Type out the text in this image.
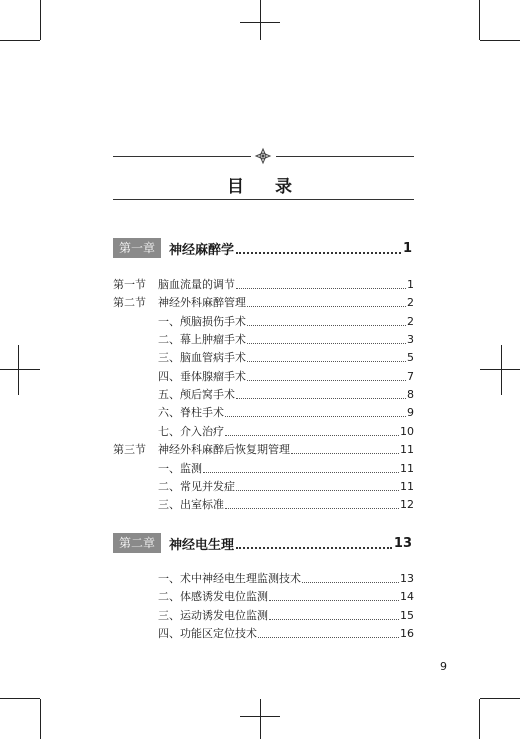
目 录
第一章	神经麻醉学	1
第一节	脑血流量的调节	1
第二节	神经外科麻醉管理	2
一、颅脑损伤手术	2
二、幕上肿瘤手术	3
三、脑血管病手术	5
四、垂体腺瘤手术	7
五、颅后窝手术	8
六、脊柱手术	9
七、介入治疗	10
第三节	神经外科麻醉后恢复期管理	11
一、监测	11
二、常见并发症	11
三、出室标准	12
第二章	神经电生理	13
一、术中神经电生理监测技术	13
二、体感诱发电位监测	14
三、运动诱发电位监测	15
四、功能区定位技术	16
9
